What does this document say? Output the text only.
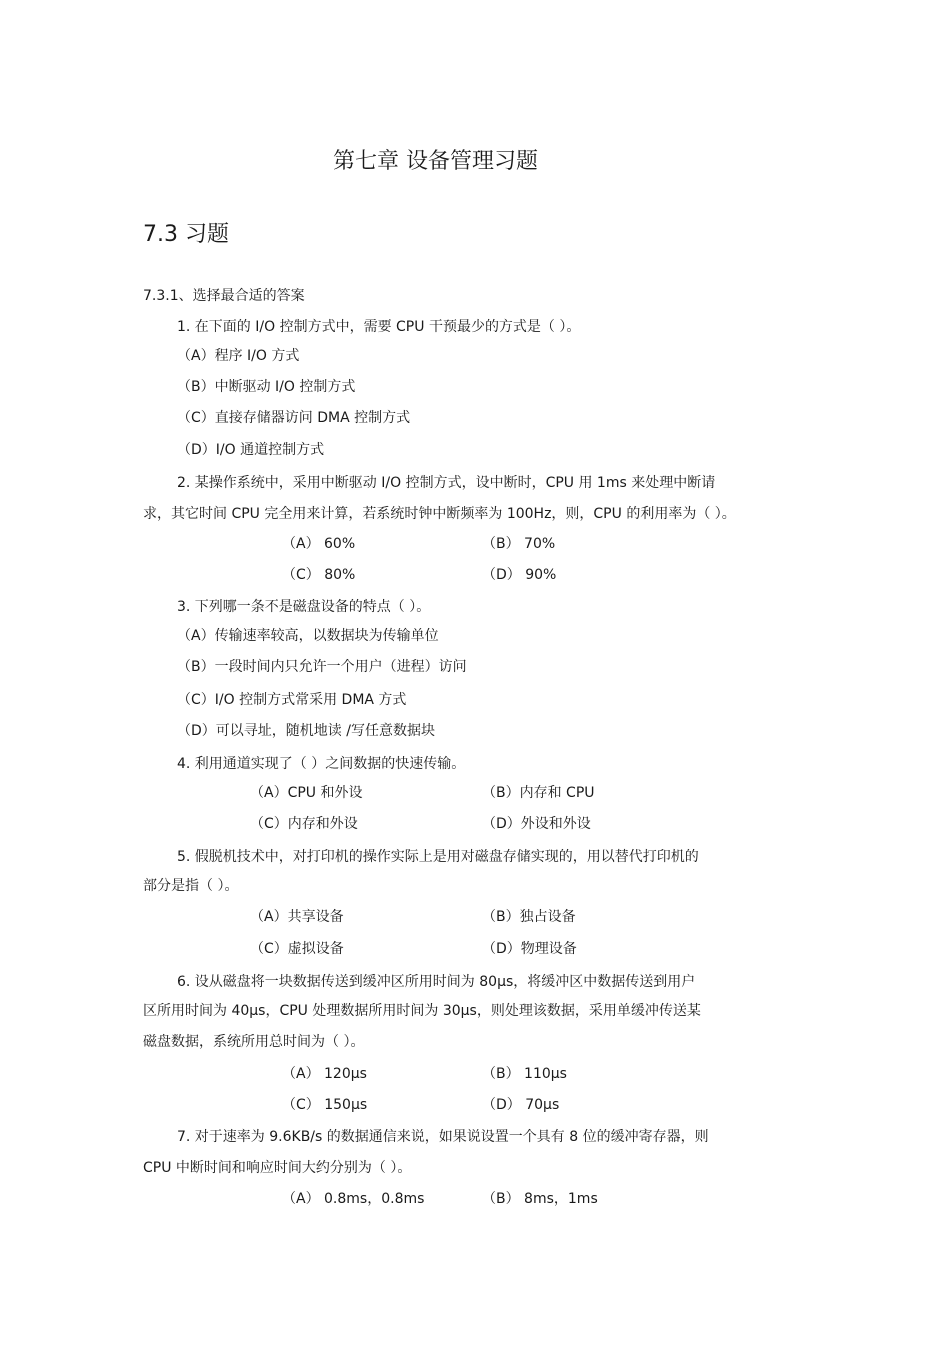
第七章 设备管理习题
7.3 习题
7.3.1、选择最合适的答案
1. 在下面的 I/O 控制方式中，需要 CPU 干预最少的方式是（ ）。
（A）程序 I/O 方式
（B）中断驱动 I/O 控制方式
（C）直接存储器访问 DMA 控制方式
（D）I/O 通道控制方式
2. 某操作系统中，采用中断驱动 I/O 控制方式，设中断时，CPU 用 1ms 来处理中断请
求，其它时间 CPU 完全用来计算，若系统时钟中断频率为 100Hz，则，CPU 的利用率为（ ）。
（A） 60%	（B） 70%
（C） 80%	（D） 90%
3. 下列哪一条不是磁盘设备的特点（ ）。
（A）传输速率较高，以数据块为传输单位
（B）一段时间内只允许一个用户（进程）访问
（C）I/O 控制方式常采用 DMA 方式
（D）可以寻址，随机地读 /写任意数据块
4. 利用通道实现了（ ）之间数据的快速传输。
（A）CPU 和外设	（B）内存和 CPU
（C）内存和外设	（D）外设和外设
5. 假脱机技术中，对打印机的操作实际上是用对磁盘存储实现的，用以替代打印机的
部分是指（ ）。
（A）共享设备	（B）独占设备
（C）虚拟设备	（D）物理设备
6. 设从磁盘将一块数据传送到缓冲区所用时间为 80μs，将缓冲区中数据传送到用户
区所用时间为 40μs，CPU 处理数据所用时间为 30μs，则处理该数据，采用单缓冲传送某
磁盘数据，系统所用总时间为（ ）。
（A） 120μs	（B） 110μs
（C） 150μs	（D） 70μs
7. 对于速率为 9.6KB/s 的数据通信来说，如果说设置一个具有 8 位的缓冲寄存器，则
CPU 中断时间和响应时间大约分别为（ ）。
（A） 0.8ms，0.8ms	（B） 8ms，1ms
